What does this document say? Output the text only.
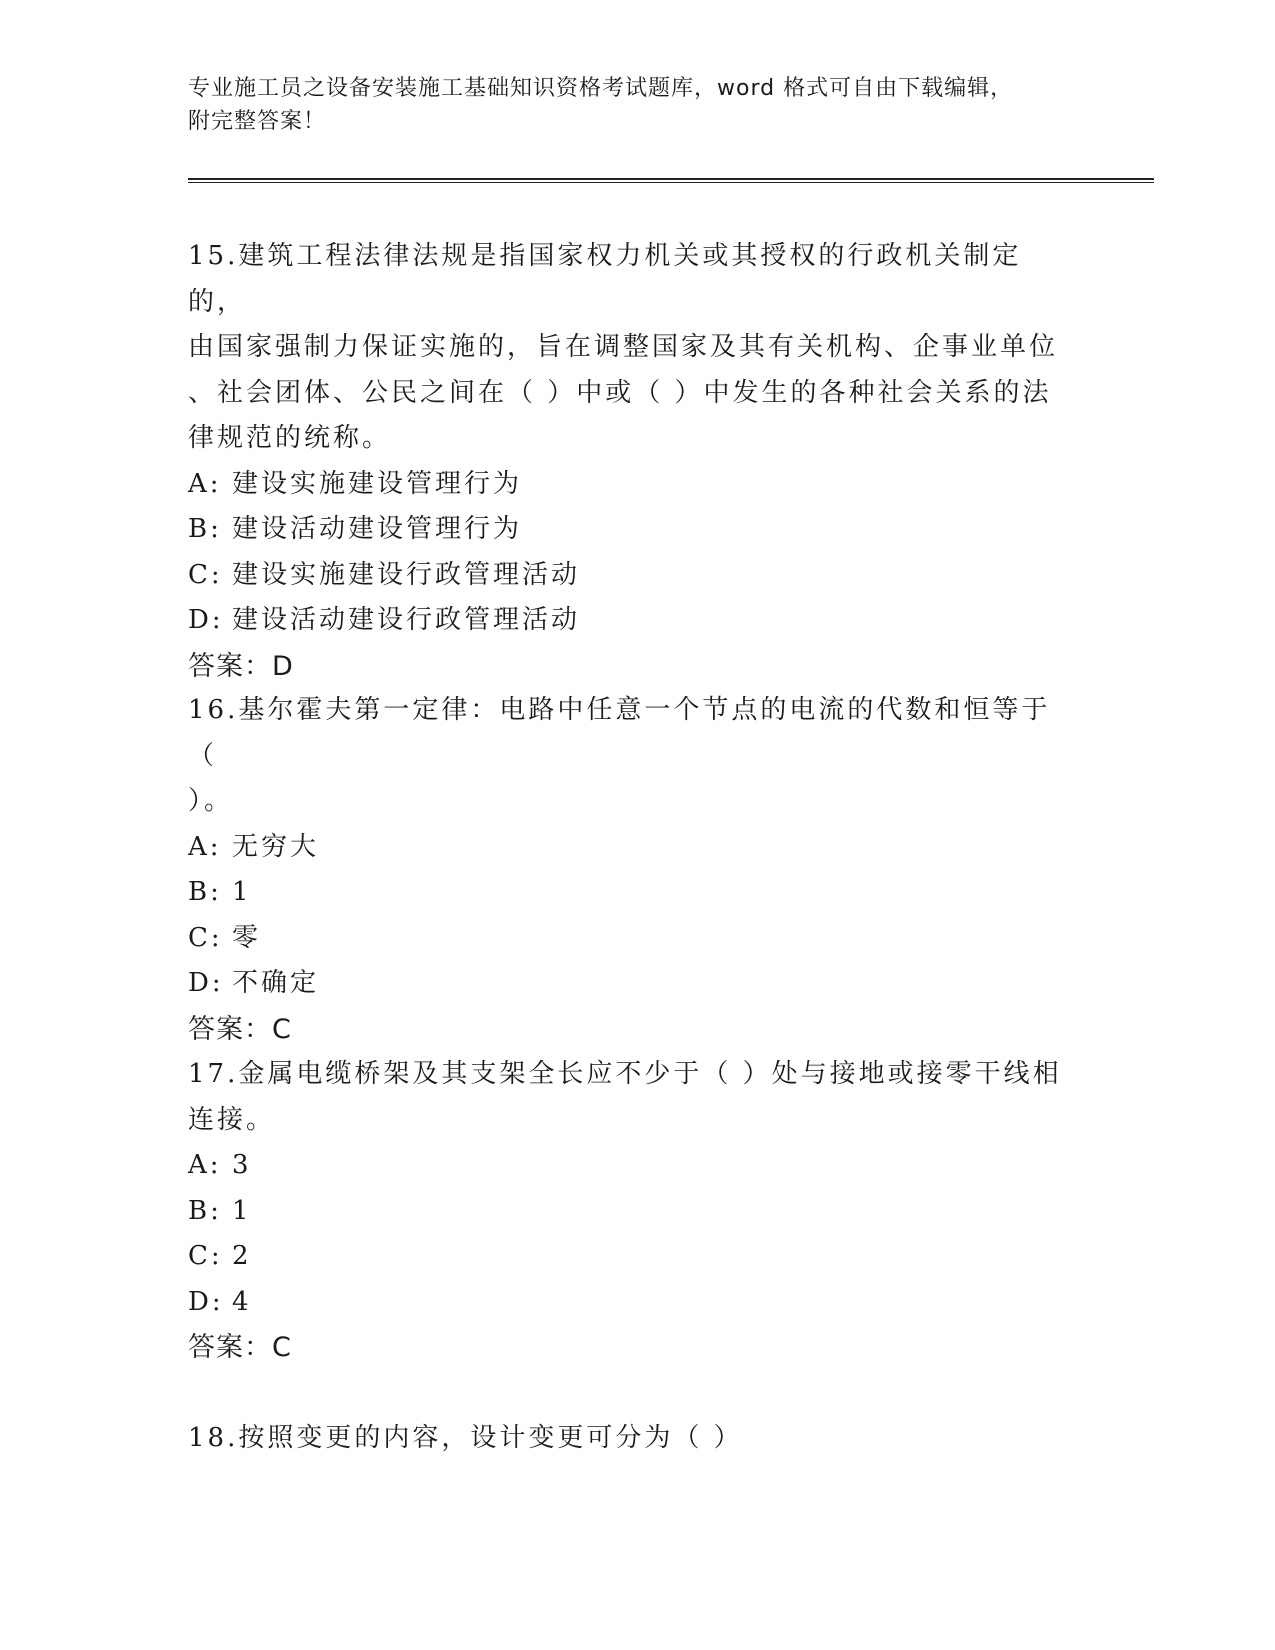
专业施工员之设备安装施工基础知识资格考试题库，word 格式可自由下载编辑，
附完整答案！
15.建筑工程法律法规是指国家权力机关或其授权的行政机关制定的，
由国家强制力保证实施的，旨在调整国家及其有关机构、企事业单位
、社会团体、公民之间在（ ）中或（ ）中发生的各种社会关系的法
律规范的统称。
A: 建设实施建设管理行为
B: 建设活动建设管理行为
C: 建设实施建设行政管理活动
D: 建设活动建设行政管理活动
答案：D
16.基尔霍夫第一定律：电路中任意一个节点的电流的代数和恒等于（
）。
A: 无穷大
B: 1
C: 零
D: 不确定
答案：C
17.金属电缆桥架及其支架全长应不少于（ ）处与接地或接零干线相
连接。
A: 3
B: 1
C: 2
D: 4
答案：C
18.按照变更的内容，设计变更可分为（ ）
